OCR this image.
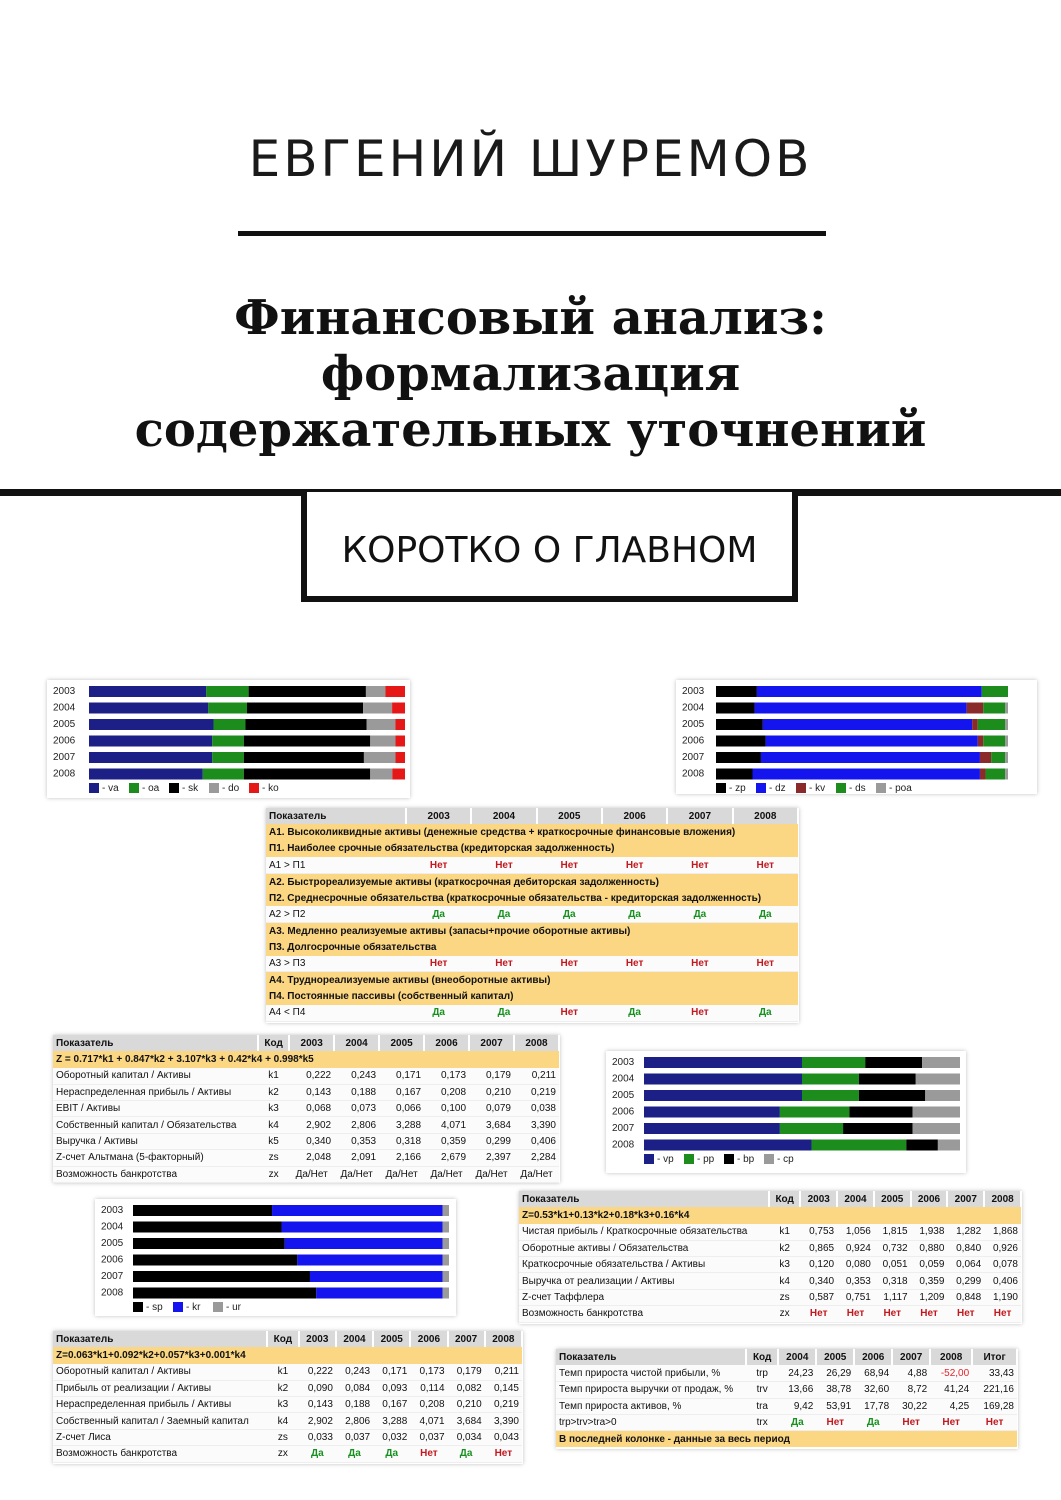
ЕВГЕНИЙ ШУРЕМОВ
Финансовый анализ:
формализация
содержательных уточнений
КОРОТКО О ГЛАВНОМ
2003
2004
2005
2006
2007
2008
- va - oa - sk - do - ko
2003
2004
2005
2006
2007
2008
- zp - dz - kv - ds - poa
2003
2004
2005
2006
2007
2008
- vp - pp - bp - cp
2003
2004
2005
2006
2007
2008
- sp - kr	- ur
Показатель	2003	2004	2005	2006	2007	2008
А1. Высоколиквидные активы (денежные средства + краткосрочные финансовые вложения)						
П1. Наиболее срочные обязательства (кредиторская задолженность)						
А1 > П1	Нет	Нет	Нет	Нет	Нет	Нет
А2. Быстрореализуемые активы (краткосрочная дебиторская задолженность)						
П2. Среднесрочные обязательства (краткосрочные обязательства - кредиторская задолженность)						
А2 > П2	Да	Да	Да	Да	Да	Да
А3. Медленно реализуемые активы (запасы+прочие оборотные активы)						
П3. Долгосрочные обязательства						
А3 > П3	Нет	Нет	Нет	Нет	Нет	Нет
А4. Труднореализуемые активы (внеоборотные активы)						
П4. Постоянные пассивы (собственный капитал)						
А4 < П4	Да	Да	Нет	Да	Нет	Да
Показатель	Код	2003	2004	2005	2006	2007	2008
Z = 0.717*k1 + 0.847*k2 + 3.107*k3 + 0.42*k4 + 0.998*k5							
Оборотный капитал / Активы	k1	0,222	0,243	0,171	0,173	0,179	0,211
Нераспределенная прибыль / Активы	k2	0,143	0,188	0,167	0,208	0,210	0,219
EBIT / Активы	k3	0,068	0,073	0,066	0,100	0,079	0,038
Собственный капитал / Обязательства	k4	2,902	2,806	3,288	4,071	3,684	3,390
Выручка / Активы	k5	0,340	0,353	0,318	0,359	0,299	0,406
Z-счет Альтмана (5-факторный)	zs	2,048	2,091	2,166	2,679	2,397	2,284
Возможность банкротства	zx	Да/Нет	Да/Нет	Да/Нет	Да/Нет	Да/Нет	Да/Нет
Показатель	Код	2003	2004	2005	2006	2007	2008
Z=0.53*k1+0.13*k2+0.18*k3+0.16*k4							
Чистая прибыль / Краткосрочные обязательства	k1	0,753	1,056	1,815	1,938	1,282	1,868
Оборотные активы / Обязательства	k2	0,865	0,924	0,732	0,880	0,840	0,926
Краткосрочные обязательства / Активы	k3	0,120	0,080	0,051	0,059	0,064	0,078
Выручка от реализации / Активы	k4	0,340	0,353	0,318	0,359	0,299	0,406
Z-счет Таффлера	zs	0,587	0,751	1,117	1,209	0,848	1,190
Возможность банкротства	zx	Нет	Нет	Нет	Нет	Нет	Нет
Показатель	Код	2003	2004	2005	2006	2007	2008
Z=0.063*k1+0.092*k2+0.057*k3+0.001*k4							
Оборотный капитал / Активы	k1	0,222	0,243	0,171	0,173	0,179	0,211
Прибыль от реализации / Активы	k2	0,090	0,084	0,093	0,114	0,082	0,145
Нераспределенная прибыль / Активы	k3	0,143	0,188	0,167	0,208	0,210	0,219
Собственный капитал / Заемный капитал	k4	2,902	2,806	3,288	4,071	3,684	3,390
Z-счет Лиса	zs	0,033	0,037	0,032	0,037	0,034	0,043
Возможность банкротства	zx	Да	Да	Да	Нет	Да	Нет
Показатель	Код	2004	2005	2006	2007	2008	Итог
Темп прироста чистой прибыли, %	trp	24,23	26,29	68,94	4,88	-52,00	33,43
Темп прироста выручки от продаж, %	trv	13,66	38,78	32,60	8,72	41,24	221,16
Темп прироста активов, %	tra	9,42	53,91	17,78	30,22	4,25	169,28
trp>trv>tra>0	trx	Да	Нет	Да	Нет	Нет	Нет
В последней колонке - данные за весь период							
